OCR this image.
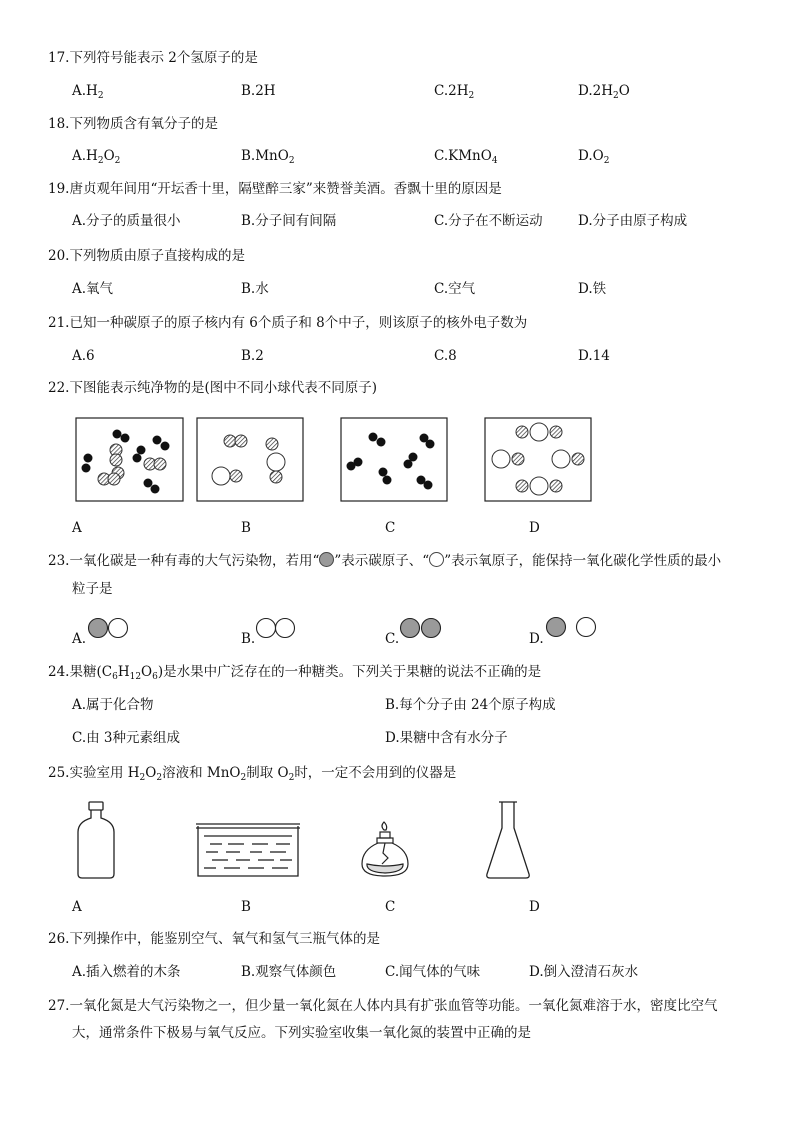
17.下列符号能表示 2个氢原子的是
$A.H_2$	B.2H	$C.2H_2$	$D.2H_2O$
18.下列物质含有氧分子的是
$A.H_2O_2$	B.MnO$_2$	C.KMnO$_4$	$D.O_2$
19.唐贞观年间用“开坛香十里，隔壁醉三家”来赞誉美酒。香飘十里的原因是
A.分子的质量很小	B.分子间有间隔	C.分子在不断运动	D.分子由原子构成
20.下列物质由原子直接构成的是
A.氧气	B.水	C.空气	D.铁
21.已知一种碳原子的原子核内有 6个质子和 8个中子，则该原子的核外电子数为
A.6	B.2	C.8	D.14
22.下图能表示纯净物的是(图中不同小球代表不同原子)
A	B	C	D
23.一氧化碳是一种有毒的大气污染物，若用“ ”表示碳原子、“ ”表示氧原子，能保持一氧化碳化学性质的最小
粒子是
A.	B.	C.	D.
24.果糖$(C_6H_{12}O_6)$是水果中广泛存在的一种糖类。下列关于果糖的说法不正确的是
A.属于化合物	B.每个分子由 24个原子构成
C.由 3种元素组成	D.果糖中含有水分子
25.实验室用 $H_2O_2$溶液和 MnO$_2$制取 $O_2$时，一定不会用到的仪器是
A	B	C	D
26.下列操作中，能鉴别空气、氧气和氢气三瓶气体的是
A.插入燃着的木条	B.观察气体颜色	C.闻气体的气味	D.倒入澄清石灰水
27.一氧化氮是大气污染物之一，但少量一氧化氮在人体内具有扩张血管等功能。一氧化氮难溶于水，密度比空气
大，通常条件下极易与氧气反应。下列实验室收集一氧化氮的装置中正确的是
